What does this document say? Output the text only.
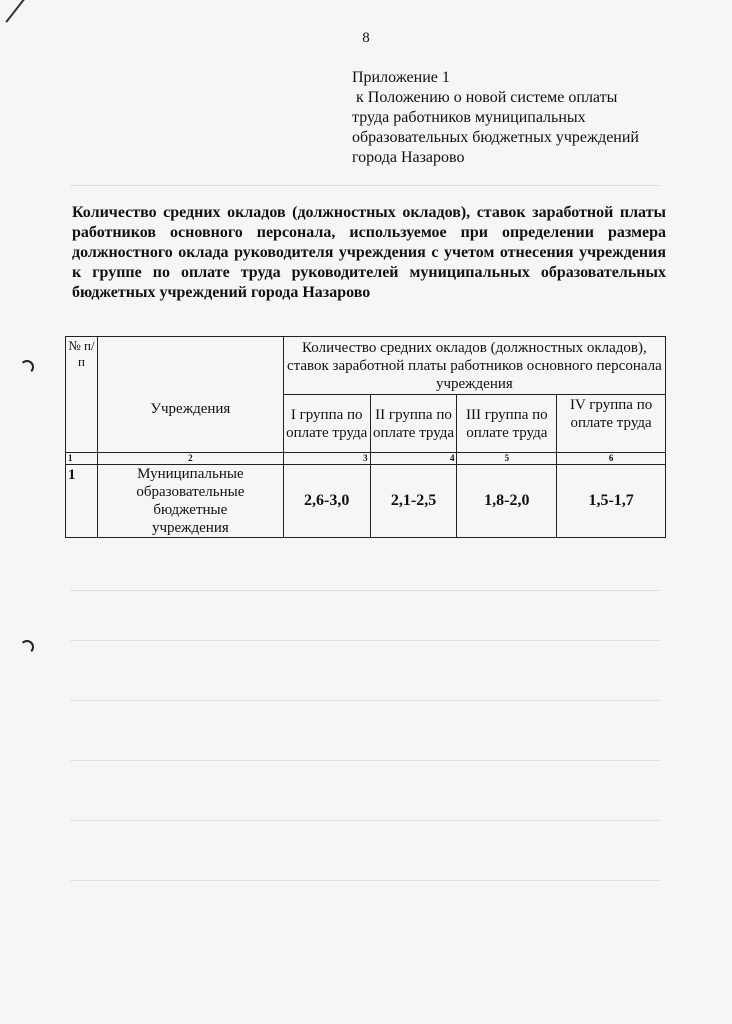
8
Приложение 1
к Положению о новой системе оплаты
труда работников муниципальных
образовательных бюджетных учреждений
города Назарово
Количество средних окладов (должностных окладов), ставок заработной платы работников основного персонала, используемое при определении размера должностного оклада руководителя учреждения с учетом отнесения учреждения к группе по оплате труда руководителей муниципальных образовательных бюджетных учреждений города Назарово
№ п/п	Учреждения	Количество средних окладов (должностных окладов), ставок заработной платы работников основного персонала учреждения			
		I группа по оплате труда	II группа по оплате труда	III группа по оплате труда	IV группа по оплате труда
1	2	3	4	5	6
1	Муниципальные образовательные бюджетные учреждения	2,6-3,0	2,1-2,5	1,8-2,0	1,5-1,7
